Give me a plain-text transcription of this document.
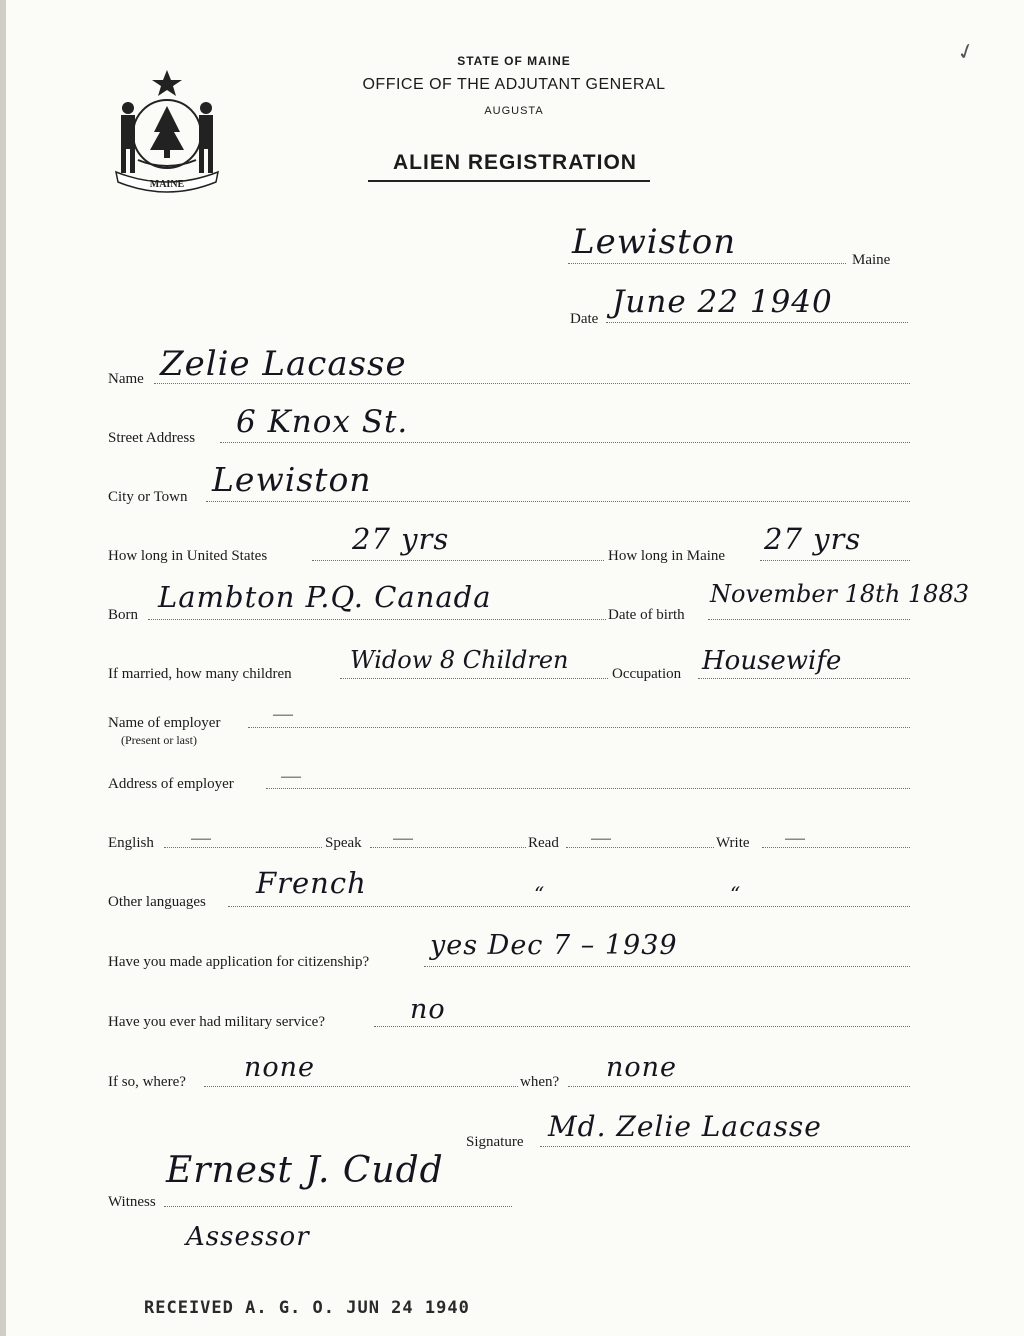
✓
MAINE
STATE OF MAINE
OFFICE OF THE ADJUTANT GENERAL
AUGUSTA
ALIEN REGISTRATION
Lewiston	Maine
Date June 22 1940
Name Zelie Lacasse
Street Address 6 Knox St.
City or Town Lewiston
How long in United States	27 yrs	How long in Maine 27 yrs
Born
Lambton P.Q. Canada
Date of birth
November 18th 1883
If married, how many children Widow 8 Children	Occupation Housewife
Name of employer
(Present or last)
—
Address of employer —
English —	Speak —	Read —	Write —
Other languages
French	“	“
Have you made application for citizenship?
yes Dec 7 – 1939
Have you ever had military service?	no
If so, where? none	when? none
Signature Md. Zelie Lacasse
Witness
Ernest J. Cudd
Assessor
RECEIVED A. G. O. JUN 24 1940
